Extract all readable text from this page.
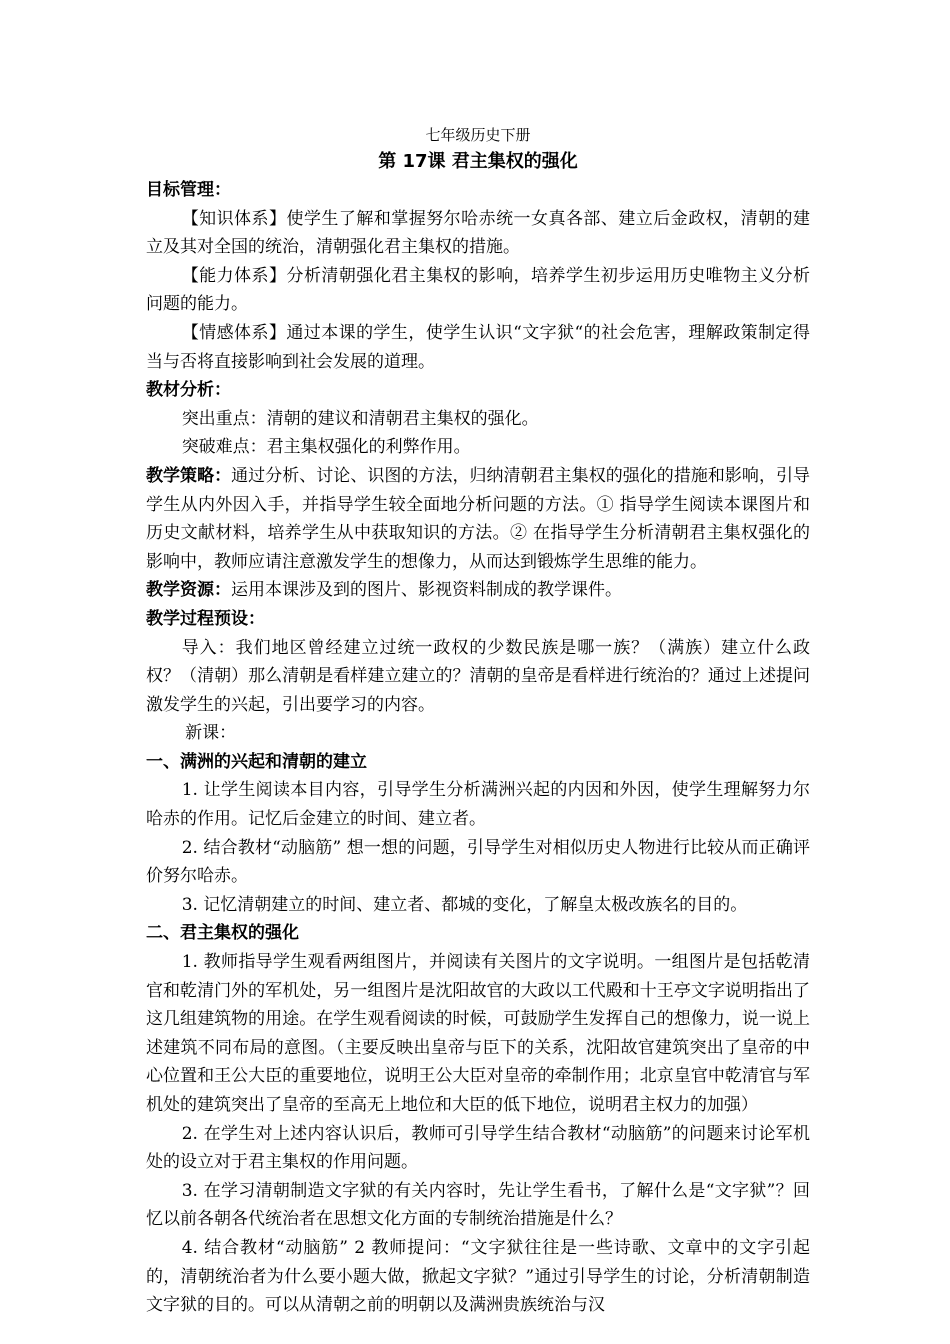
七年级历史下册
第 17课 君主集权的强化
目标管理：

【知识体系】使学生了解和掌握努尔哈赤统一女真各部、建立后金政权，清朝的建立及其对全国的统治，清朝强化君主集权的措施。

【能力体系】分析清朝强化君主集权的影响，培养学生初步运用历史唯物主义分析问题的能力。

【情感体系】通过本课的学生，使学生认识“文字狱“的社会危害，理解政策制定得当与否将直接影响到社会发展的道理。

教材分析：

突出重点：清朝的建议和清朝君主集权的强化。

突破难点：君主集权强化的利弊作用。

教学策略：通过分析、讨论、识图的方法，归纳清朝君主集权的强化的措施和影响，引导学生从内外因入手，并指导学生较全面地分析问题的方法。① 指导学生阅读本课图片和历史文献材料，培养学生从中获取知识的方法。② 在指导学生分析清朝君主集权强化的影响中，教师应请注意激发学生的想像力，从而达到锻炼学生思维的能力。

教学资源：运用本课涉及到的图片、影视资料制成的教学课件。

教学过程预设：

导入：我们地区曾经建立过统一政权的少数民族是哪一族？（满族）建立什么政权？（清朝）那么清朝是看样建立建立的？清朝的皇帝是看样进行统治的？通过上述提问激发学生的兴起，引出要学习的内容。

新课：

一、满洲的兴起和清朝的建立

1. 让学生阅读本目内容，引导学生分析满洲兴起的内因和外因，使学生理解努力尔哈赤的作用。记忆后金建立的时间、建立者。

2. 结合教材“动脑筋” 想一想的问题，引导学生对相似历史人物进行比较从而正确评价努尔哈赤。

3. 记忆清朝建立的时间、建立者、都城的变化，了解皇太极改族名的目的。

二、君主集权的强化

1. 教师指导学生观看两组图片，并阅读有关图片的文字说明。一组图片是包括乾清官和乾清门外的军机处，另一组图片是沈阳故官的大政以工代殿和十王亭文字说明指出了这几组建筑物的用途。在学生观看阅读的时候，可鼓励学生发挥自己的想像力，说一说上述建筑不同布局的意图。（主要反映出皇帝与臣下的关系，沈阳故官建筑突出了皇帝的中心位置和王公大臣的重要地位，说明王公大臣对皇帝的牵制作用；北京皇官中乾清官与军机处的建筑突出了皇帝的至高无上地位和大臣的低下地位，说明君主权力的加强）

2. 在学生对上述内容认识后，教师可引导学生结合教材“动脑筋”的问题来讨论军机处的设立对于君主集权的作用问题。

3. 在学习清朝制造文字狱的有关内容时，先让学生看书，了解什么是“文字狱”？回忆以前各朝各代统治者在思想文化方面的专制统治措施是什么？

4. 结合教材“动脑筋” 2 教师提问：“文字狱往往是一些诗歌、文章中的文字引起的，清朝统治者为什么要小题大做，掀起文字狱？”通过引导学生的讨论，分析清朝制造文字狱的目的。可以从清朝之前的明朝以及满洲贵族统治与汉
